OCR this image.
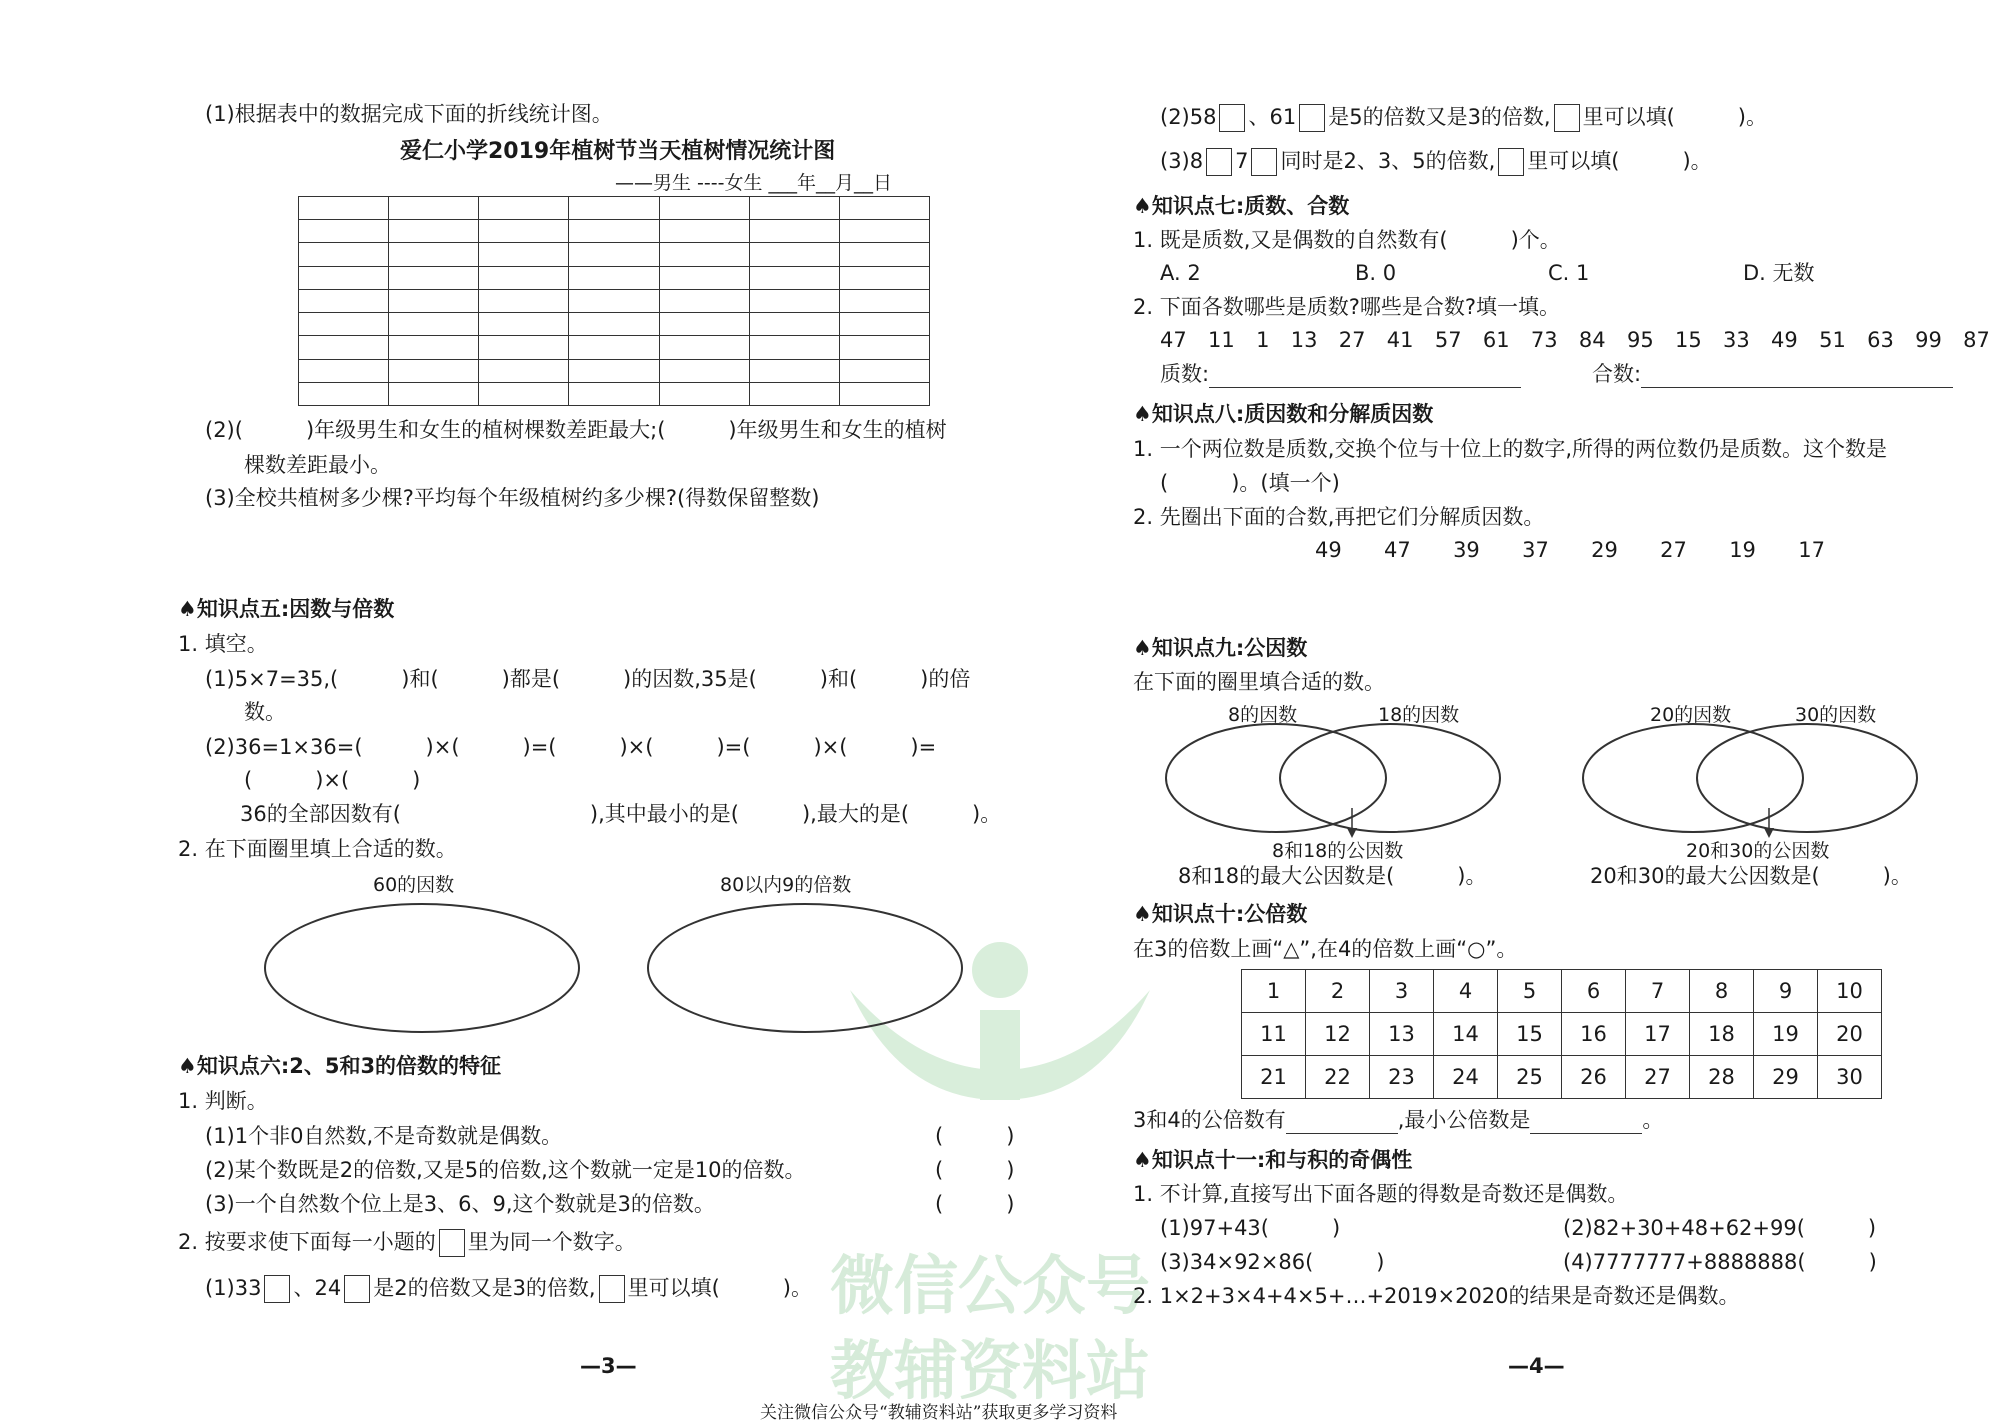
微信公众号
教辅资料站
(1)根据表中的数据完成下面的折线统计图。
爱仁小学2019年植树节当天植树情况统计图
——男生 ----女生 ___年__月__日

(2)(　　　)年级男生和女生的植树棵数差距最大;(　　　)年级男生和女生的植树
棵数差距最小。
(3)全校共植树多少棵?平均每个年级植树约多少棵?(得数保留整数)
♠知识点五:因数与倍数
1. 填空。
(1)5×7=35,(　　　)和(　　　)都是(　　　)的因数,35是(　　　)和(　　　)的倍
数。
(2)36=1×36=(　　　)×(　　　)=(　　　)×(　　　)=(　　　)×(　　　)=
(　　　)×(　　　)
36的全部因数有(　　　　　　　　　),其中最小的是(　　　),最大的是(　　　)。
2. 在下面圈里填上合适的数。
60的因数	80以内9的倍数
♠知识点六:2、5和3的倍数的特征
1. 判断。
(1)1个非0自然数,不是奇数就是偶数。	(　　　)
(2)某个数既是2的倍数,又是5的倍数,这个数就一定是10的倍数。	(　　　)
(3)一个自然数个位上是3、6、9,这个数就是3的倍数。	(　　　)
2. 按要求使下面每一小题的 里为同一个数字。
(1)33 、24 是2的倍数又是3的倍数, 里可以填(　　　)。
—3—
(2)58 、61 是5的倍数又是3的倍数, 里可以填(　　　)。
(3)8 7 同时是2、3、5的倍数, 里可以填(　　　)。
♠知识点七:质数、合数
1. 既是质数,又是偶数的自然数有(　　　)个。
A. 2	B. 0	C. 1	D. 无数
2. 下面各数哪些是质数?哪些是合数?填一填。
47 11 1 13 27 41 57 61 73 84 95 15 33 49 51 63 99 87
质数:	合数:
♠知识点八:质因数和分解质因数
1. 一个两位数是质数,交换个位与十位上的数字,所得的两位数仍是质数。这个数是
(　　　)。(填一个)
2. 先圈出下面的合数,再把它们分解质因数。
49 47 39 37 29 27 19 17
♠知识点九:公因数
在下面的圈里填合适的数。
8的因数	18的因数	20的因数	30的因数
8和18的公因数	20和30的公因数
8和18的最大公因数是(　　　)。	20和30的最大公因数是(　　　)。
♠知识点十:公倍数
在3的倍数上画“△”,在4的倍数上画“○”。
1	2	3	4	5	6	7	8	9	10
11	12	13	14	15	16	17	18	19	20
21	22	23	24	25	26	27	28	29	30
3和4的公倍数有	,最小公倍数是	。
♠知识点十一:和与积的奇偶性
1. 不计算,直接写出下面各题的得数是奇数还是偶数。
(1)97+43(　　　)	(2)82+30+48+62+99(　　　)
(3)34×92×86(　　　)	(4)7777777+8888888(　　　)
2. 1×2+3×4+4×5+…+2019×2020的结果是奇数还是偶数。
—4—
关注微信公众号“教辅资料站”获取更多学习资料
